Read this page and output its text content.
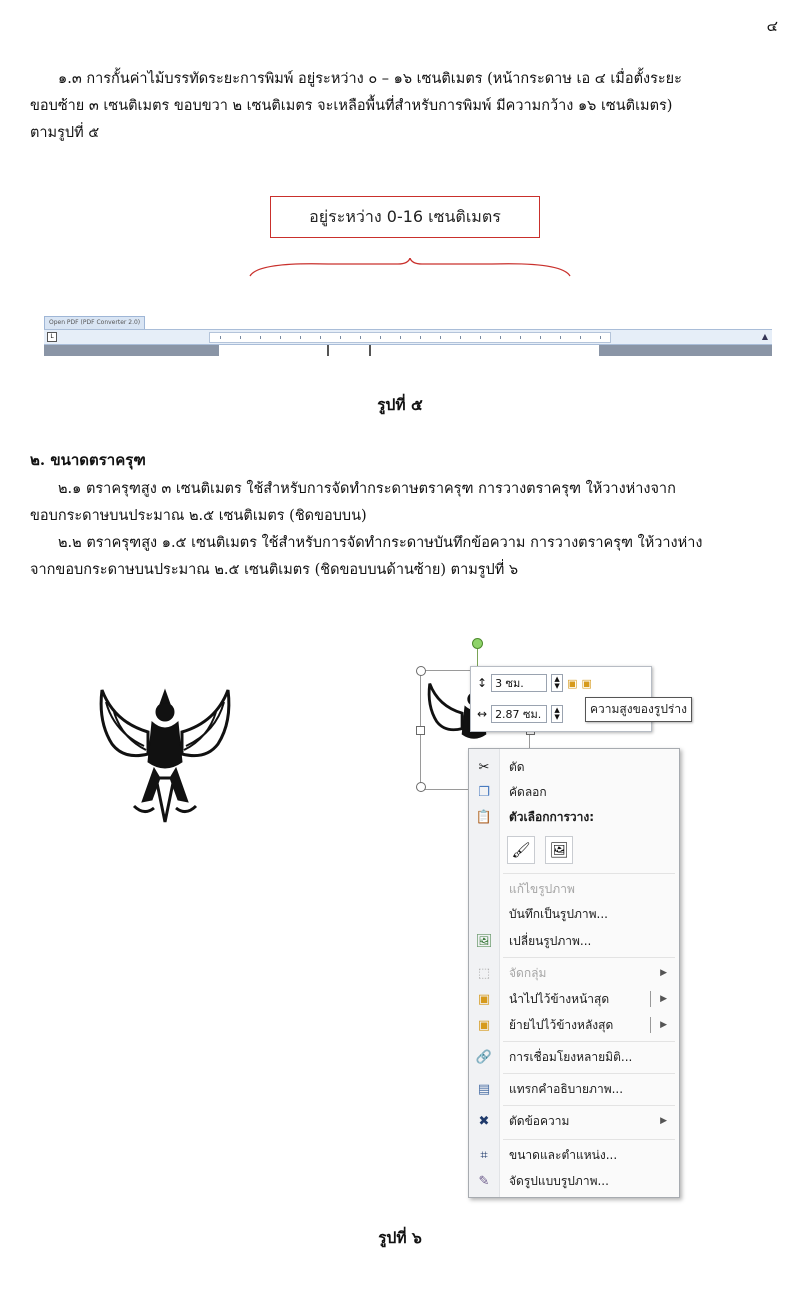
๔
๑.๓ การกั้นค่าไม้บรรทัดระยะการพิมพ์ อยู่ระหว่าง ๐ – ๑๖ เซนติเมตร (หน้ากระดาษ เอ ๔ เมื่อตั้งระยะ
ขอบซ้าย ๓ เซนติเมตร ขอบขวา ๒ เซนติเมตร จะเหลือพื้นที่สำหรับการพิมพ์ มีความกว้าง ๑๖ เซนติเมตร)
ตามรูปที่ ๕
อยู่ระหว่าง 0-16 เซนติเมตร
Open PDF (PDF Converter 2.0)
L	▲
รูปที่ ๕
๒. ขนาดตราครุฑ
๒.๑ ตราครุฑสูง ๓ เซนติเมตร ใช้สำหรับการจัดทำกระดาษตราครุฑ การวางตราครุฑ ให้วางห่างจาก
ขอบกระดาษบนประมาณ ๒.๕ เซนติเมตร (ชิดขอบบน)
๒.๒ ตราครุฑสูง ๑.๕ เซนติเมตร ใช้สำหรับการจัดทำกระดาษบันทึกข้อความ การวางตราครุฑ ให้วางห่าง
จากขอบกระดาษบนประมาณ ๒.๕ เซนติเมตร (ชิดขอบบนด้านซ้าย) ตามรูปที่ ๖
↕ 3 ซม.	▲
▼ ▣ ▣
↔ 2.87 ซม.	▲
▼
ความสูงของรูปร่าง
✂	ตัด
❐	คัดลอก
📋	ตัวเลือกการวาง:
แก้ไขรูปภาพ
บันทึกเป็นรูปภาพ...
🖼	เปลี่ยนรูปภาพ...
⬚	จัดกลุ่ม	▶
▣	นำไปไว้ข้างหน้าสุด	▶
▣	ย้ายไปไว้ข้างหลังสุด	▶
🔗	การเชื่อมโยงหลายมิติ...
▤	แทรกคำอธิบายภาพ...
✖	ตัดข้อความ	▶
⌗	ขนาดและตำแหน่ง...
✎	จัดรูปแบบรูปภาพ...
🖌 🖼
รูปที่ ๖
